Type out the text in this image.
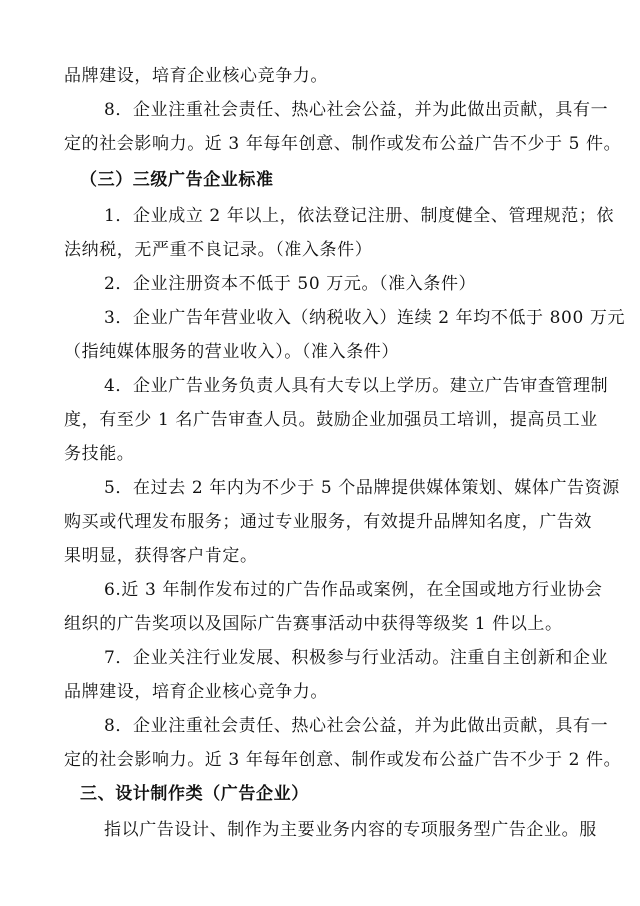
品牌建设，培育企业核心竞争力。
8．企业注重社会责任、热心社会公益，并为此做出贡献，具有一
定的社会影响力。近 3 年每年创意、制作或发布公益广告不少于 5 件。
（三）三级广告企业标准
1．企业成立 2 年以上，依法登记注册、制度健全、管理规范；依
法纳税，无严重不良记录。（准入条件）
2．企业注册资本不低于 50 万元。（准入条件）
3．企业广告年营业收入（纳税收入）连续 2 年均不低于 800 万元
（指纯媒体服务的营业收入）。（准入条件）
4．企业广告业务负责人具有大专以上学历。建立广告审查管理制
度，有至少 1 名广告审查人员。鼓励企业加强员工培训，提高员工业
务技能。
5．在过去 2 年内为不少于 5 个品牌提供媒体策划、媒体广告资源
购买或代理发布服务；通过专业服务，有效提升品牌知名度，广告效
果明显，获得客户肯定。
6.近 3 年制作发布过的广告作品或案例，在全国或地方行业协会
组织的广告奖项以及国际广告赛事活动中获得等级奖 1 件以上。
7．企业关注行业发展、积极参与行业活动。注重自主创新和企业
品牌建设，培育企业核心竞争力。
8．企业注重社会责任、热心社会公益，并为此做出贡献，具有一
定的社会影响力。近 3 年每年创意、制作或发布公益广告不少于 2 件。
三、设计制作类（广告企业）
指以广告设计、制作为主要业务内容的专项服务型广告企业。服
